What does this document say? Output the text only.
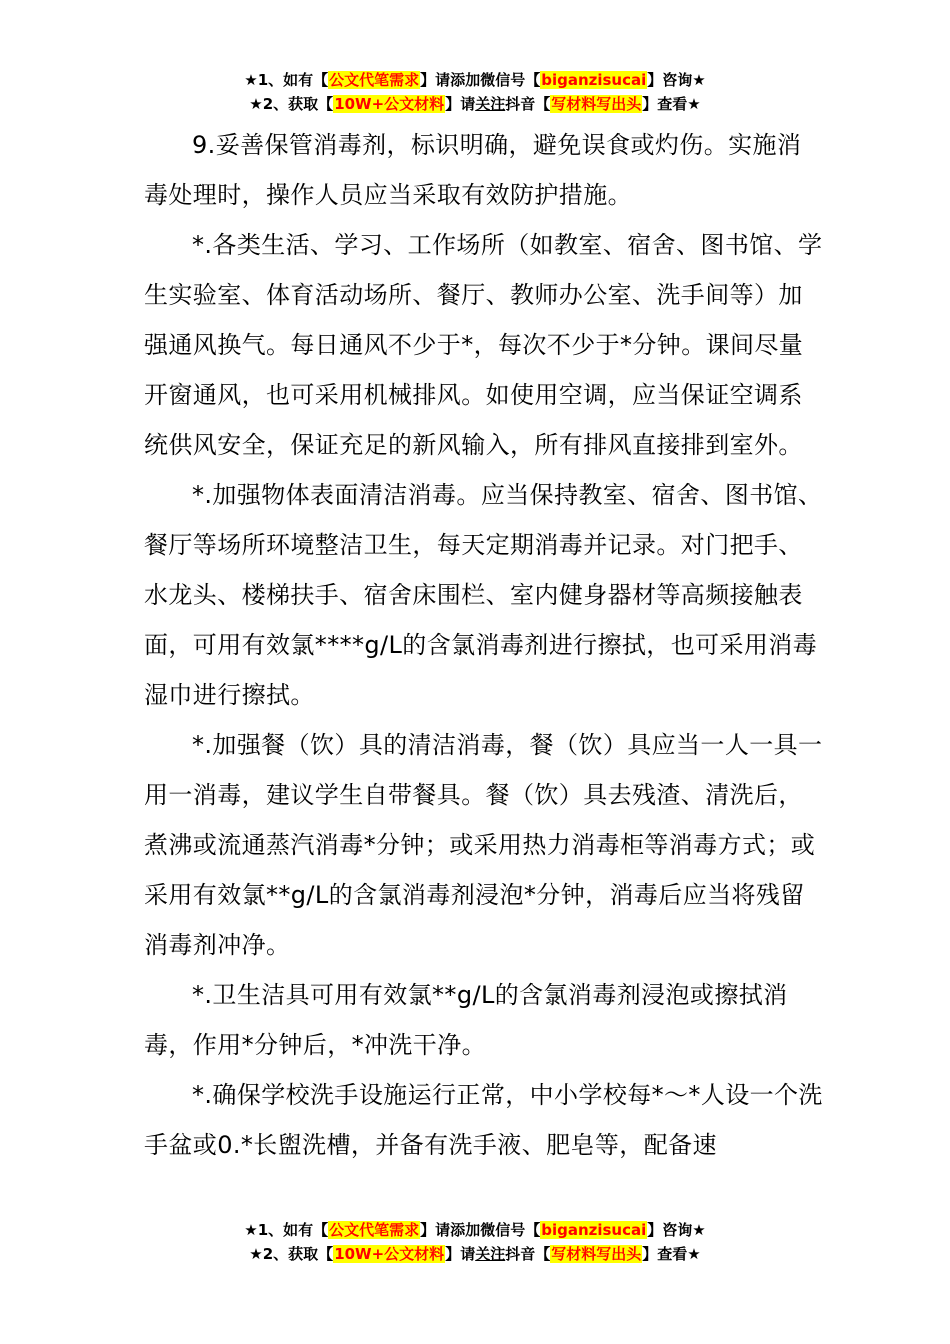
★1、如有【公文代笔需求】请添加微信号【biganzisucai】咨询★
★2、获取【10W+公文材料】请关注抖音【写材料写出头】查看★

9.妥善保管消毒剂，标识明确，避免误食或灼伤。实施消毒处理时，操作人员应当采取有效防护措施。

*.各类生活、学习、工作场所（如教室、宿舍、图书馆、学生实验室、体育活动场所、餐厅、教师办公室、洗手间等）加强通风换气。每日通风不少于*，每次不少于*分钟。课间尽量开窗通风，也可采用机械排风。如使用空调，应当保证空调系统供风安全，保证充足的新风输入，所有排风直接排到室外。

*.加强物体表面清洁消毒。应当保持教室、宿舍、图书馆、餐厅等场所环境整洁卫生，每天定期消毒并记录。对门把手、水龙头、楼梯扶手、宿舍床围栏、室内健身器材等高频接触表面，可用有效氯****g/L的含氯消毒剂进行擦拭，也可采用消毒湿巾进行擦拭。

*.加强餐（饮）具的清洁消毒，餐（饮）具应当一人一具一用一消毒，建议学生自带餐具。餐（饮）具去残渣、清洗后，煮沸或流通蒸汽消毒*分钟；或采用热力消毒柜等消毒方式；或采用有效氯**g/L的含氯消毒剂浸泡*分钟，消毒后应当将残留消毒剂冲净。

*.卫生洁具可用有效氯**g/L的含氯消毒剂浸泡或擦拭消毒，作用*分钟后，*冲洗干净。

*.确保学校洗手设施运行正常，中小学校每*～*人设一个洗手盆或0.*长盥洗槽，并备有洗手液、肥皂等，配备速

★1、如有【公文代笔需求】请添加微信号【biganzisucai】咨询★
★2、获取【10W+公文材料】请关注抖音【写材料写出头】查看★
